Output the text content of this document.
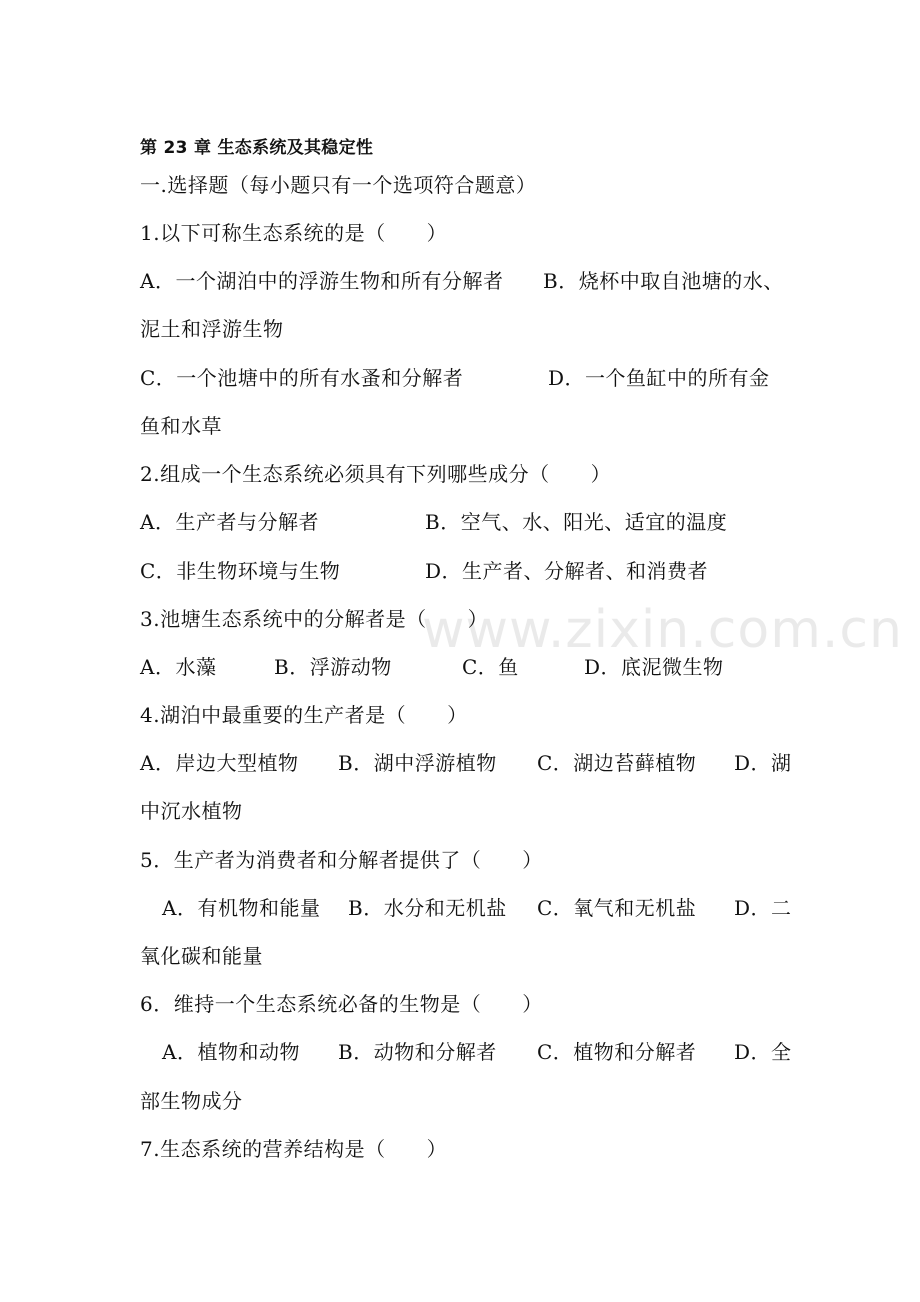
www.zixin.com.cn
第 23 章 生态系统及其稳定性
一.选择题（每小题只有一个选项符合题意）
1.以下可称生态系统的是（　　）
A．一个湖泊中的浮游生物和所有分解者 B．烧杯中取自池塘的水、
泥土和浮游生物
C．一个池塘中的所有水蚤和分解者	D．一个鱼缸中的所有金
鱼和水草
2.组成一个生态系统必须具有下列哪些成分（　　）
A．生产者与分解者	B．空气、水、阳光、适宜的温度
C．非生物环境与生物	D．生产者、分解者、和消费者
3.池塘生态系统中的分解者是（　　）
A．水藻	B．浮游动物	C．鱼	D．底泥微生物
4.湖泊中最重要的生产者是（　　）
A．岸边大型植物 B．湖中浮游植物 C．湖边苔藓植物 D．湖
中沉水植物
5．生产者为消费者和分解者提供了（　　）
A．有机物和能量 B．水分和无机盐 C．氧气和无机盐 D．二
氧化碳和能量
6．维持一个生态系统必备的生物是（　　）
A．植物和动物 B．动物和分解者 C．植物和分解者 D．全
部生物成分
7.生态系统的营养结构是（　　）
